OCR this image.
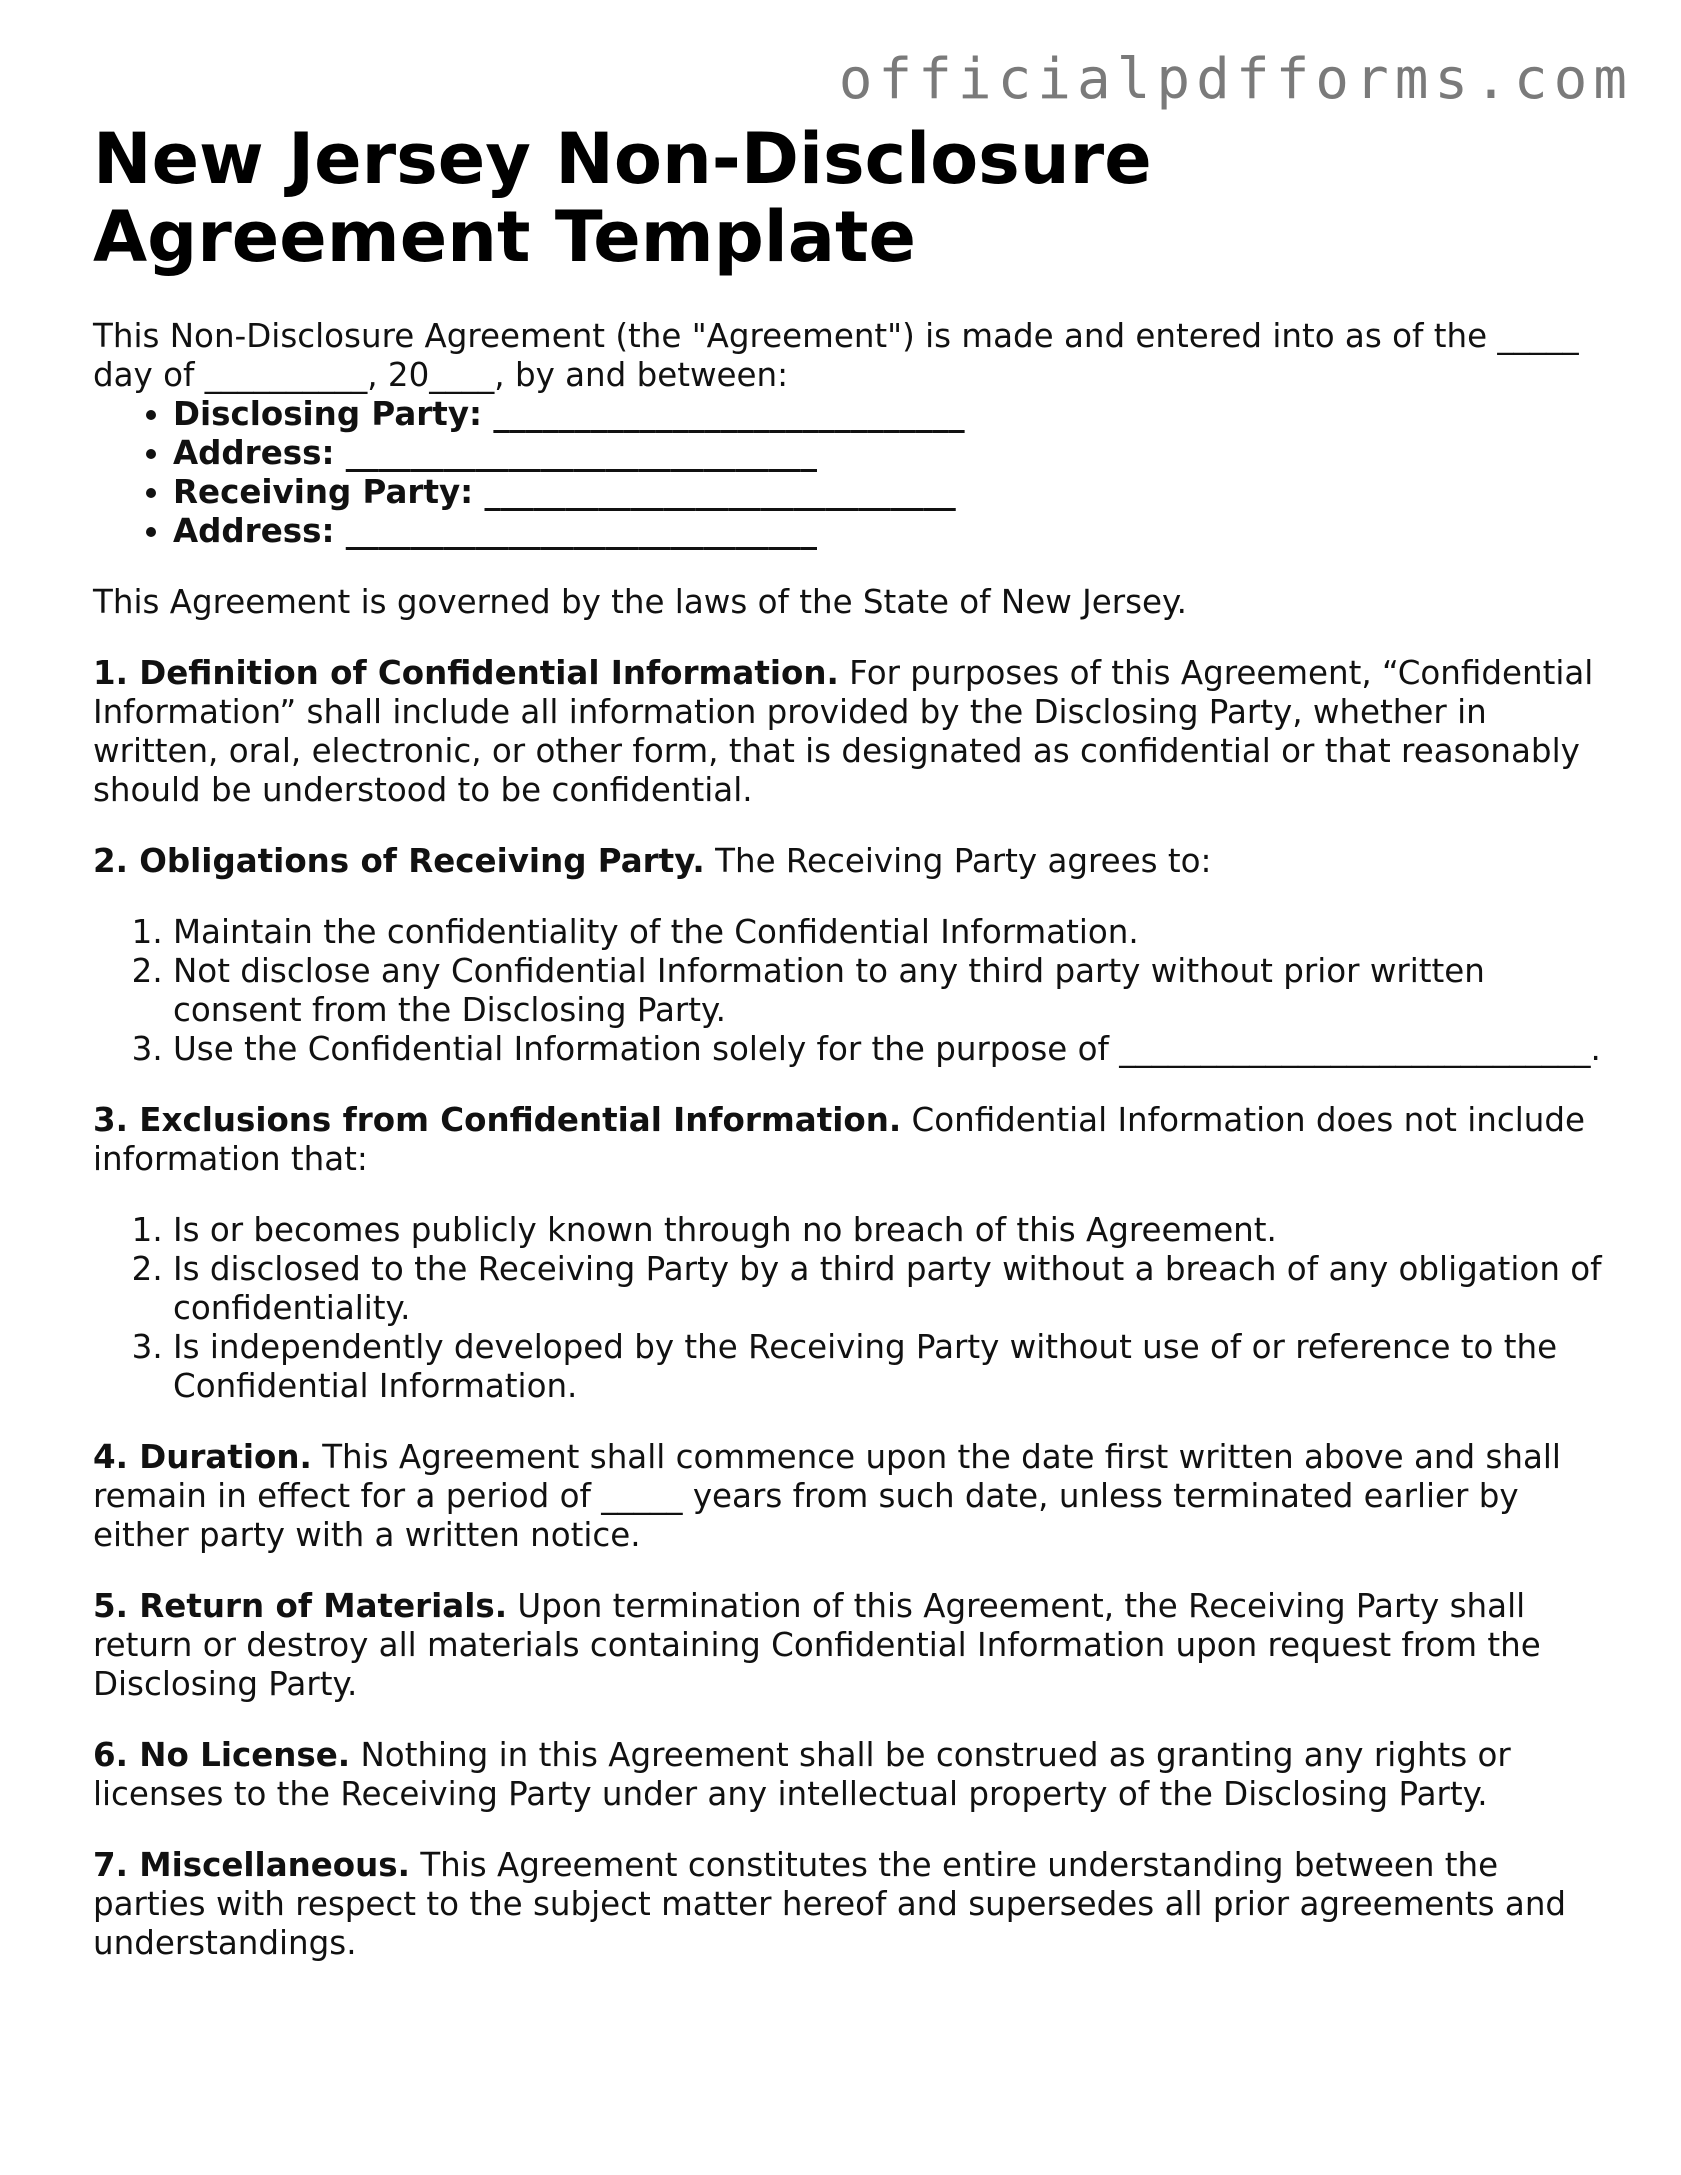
officialpdfforms.com
New Jersey Non-Disclosure Agreement Template

This Non-Disclosure Agreement (the "Agreement") is made and entered into as of the _____ day of __________, 20____, by and between:

• Disclosing Party: _____________________________
• Address: _____________________________
• Receiving Party: _____________________________
• Address: _____________________________

This Agreement is governed by the laws of the State of New Jersey.

1. Definition of Confidential Information. For purposes of this Agreement, “Confidential Information” shall include all information provided by the Disclosing Party, whether in written, oral, electronic, or other form, that is designated as confidential or that reasonably should be understood to be confidential.

2. Obligations of Receiving Party. The Receiving Party agrees to:

1. Maintain the confidentiality of the Confidential Information.
2. Not disclose any Confidential Information to any third party without prior written consent from the Disclosing Party.
3. Use the Confidential Information solely for the purpose of _____________________________.

3. Exclusions from Confidential Information. Confidential Information does not include information that:

1. Is or becomes publicly known through no breach of this Agreement.
2. Is disclosed to the Receiving Party by a third party without a breach of any obligation of confidentiality.
3. Is independently developed by the Receiving Party without use of or reference to the Confidential Information.

4. Duration. This Agreement shall commence upon the date first written above and shall remain in effect for a period of _____ years from such date, unless terminated earlier by either party with a written notice.

5. Return of Materials. Upon termination of this Agreement, the Receiving Party shall return or destroy all materials containing Confidential Information upon request from the Disclosing Party.

6. No License. Nothing in this Agreement shall be construed as granting any rights or licenses to the Receiving Party under any intellectual property of the Disclosing Party.

7. Miscellaneous. This Agreement constitutes the entire understanding between the parties with respect to the subject matter hereof and supersedes all prior agreements and understandings.
